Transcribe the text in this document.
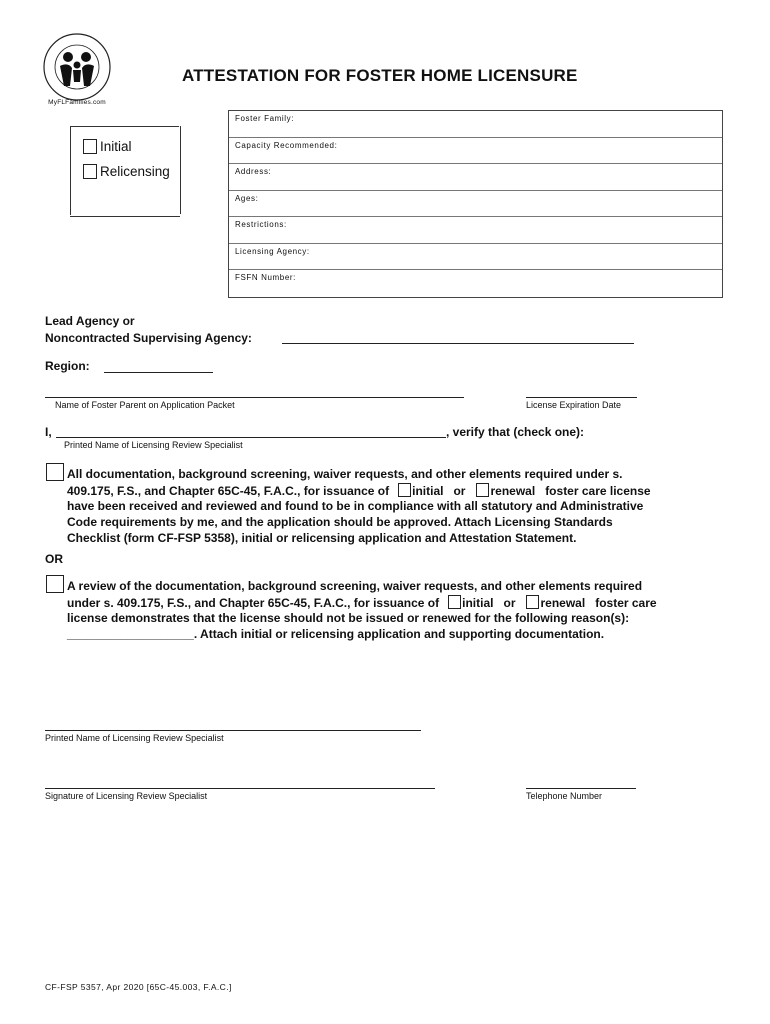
MyFLFamilies.com
ATTESTATION FOR FOSTER HOME LICENSURE
Initial
Relicensing
Foster Family:
Capacity Recommended:
Address:
Ages:
Restrictions:
Licensing Agency:
FSFN Number:
Lead Agency or
Noncontracted Supervising Agency:
Region:
Name of Foster Parent on Application Packet	License Expiration Date
I,	, verify that (check one):
Printed Name of Licensing Review Specialist
All documentation, background screening, waiver requests, and other elements required under s.
409.175, F.S., and Chapter 65C-45, F.A.C., for issuance of initial or renewal foster care license
have been received and reviewed and found to be in compliance with all statutory and Administrative
Code requirements by me, and the application should be approved. Attach Licensing Standards
Checklist (form CF-FSP 5358), initial or relicensing application and Attestation Statement.
OR
A review of the documentation, background screening, waiver requests, and other elements required
under s. 409.175, F.S., and Chapter 65C-45, F.A.C., for issuance of initial or renewal foster care
license demonstrates that the license should not be issued or renewed for the following reason(s):
___________________. Attach initial or relicensing application and supporting documentation.
Printed Name of Licensing Review Specialist
Signature of Licensing Review Specialist	Telephone Number
CF-FSP 5357, Apr 2020 [65C-45.003, F.A.C.]
